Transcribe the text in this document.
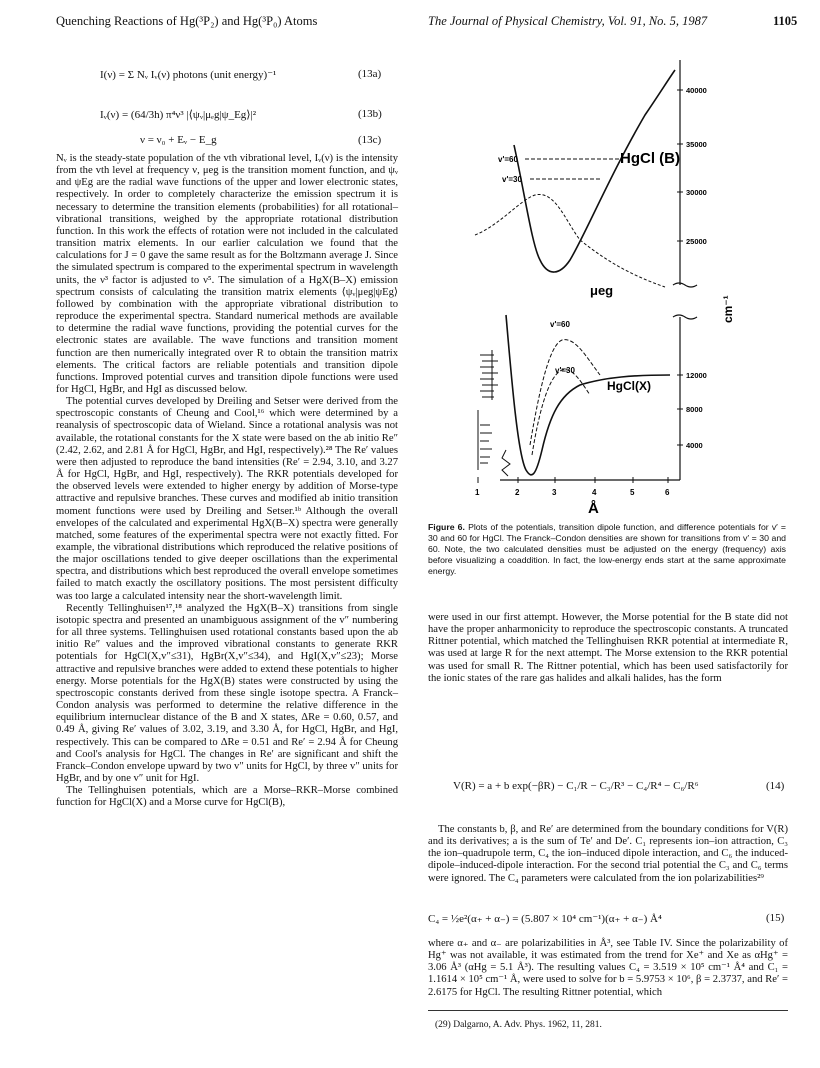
Quenching Reactions of Hg(³P₂) and Hg(³P₀) Atoms	The Journal of Physical Chemistry, Vol. 91, No. 5, 1987	1105
I(ν) = Σ Nᵥ Iᵥ(ν) photons (unit energy)⁻¹	(13a)
Iᵥ(ν) = (64/3h) π⁴ν³ |⟨ψᵥ|μₑg|ψ_Eg⟩|²	(13b)
ν = ν₀ + Eᵥ − E_g	(13c)

Nᵥ is the steady-state population of the vth vibrational level, Iᵥ(ν) is the intensity from the vth level at frequency ν, μeg is the transition moment function, and ψᵥ and ψEg are the radial wave functions of the upper and lower electronic states, respectively. In order to completely characterize the emission spectrum it is necessary to determine the transition elements (probabilities) for all rotational–vibrational transitions, weighed by the appropriate rotational distribution function. In this work the effects of rotation were not included in the calculated transition matrix elements. In our earlier calculation we found that the calculations for J = 0 gave the same result as for the Boltzmann average J. Since the simulated spectrum is compared to the experimental spectrum in wavelength units, the ν³ factor is adjusted to ν⁵. The simulation of a HgX(B–X) emission spectrum consists of calculating the transition matrix elements ⟨ψᵥ|μeg|ψEg⟩ followed by combination with the appropriate vibrational distribution to reproduce the experimental spectra. Standard numerical methods are available to determine the radial wave functions, providing the potential curves for the electronic states are available. The wave functions and transition moment function are then numerically integrated over R to obtain the transition matrix elements. The critical factors are reliable potentials and transition dipole functions. Improved potential curves and transition dipole functions were used for HgCl, HgBr, and HgI as discussed below.

The potential curves developed by Dreiling and Setser were derived from the spectroscopic constants of Cheung and Cool,¹⁶ which were determined by a reanalysis of spectroscopic data of Wieland. Since a rotational analysis was not available, the rotational constants for the X state were based on the ab initio Re″ (2.42, 2.62, and 2.81 Å for HgCl, HgBr, and HgI, respectively).²⁸ The Re′ values were then adjusted to reproduce the band intensities (Re′ = 2.94, 3.10, and 3.27 Å for HgCl, HgBr, and HgI, respectively). The RKR potentials developed for the observed levels were extended to higher energy by addition of Morse-type attractive and repulsive branches. These curves and modified ab initio transition moment functions were used by Dreiling and Setser.¹ᵇ Although the overall envelopes of the calculated and experimental HgX(B–X) spectra were generally matched, some features of the experimental spectra were not exactly fitted. For example, the vibrational distributions which reproduced the relative positions of the major oscillations tended to give deeper oscillations than the experimental spectra, and distributions which best reproduced the overall envelope sometimes failed to match exactly the oscillatory positions. The most persistent difficulty was too large a calculated intensity near the short-wavelength limit.

Recently Tellinghuisen¹⁷,¹⁸ analyzed the HgX(B–X) transitions from single isotopic spectra and presented an unambiguous assignment of the v″ numbering for all three systems. Tellinghuisen used rotational constants based upon the ab initio Re″ values and the improved vibrational constants to generate RKR potentials for HgCl(X,v″≤31), HgBr(X,v″≤34), and HgI(X,v″≤23); Morse attractive and repulsive branches were added to extend these potentials to higher energy. Morse potentials for the HgX(B) states were constructed by using the spectroscopic constants derived from these single isotope spectra. A Franck–Condon analysis was performed to determine the relative difference in the equilibrium internuclear distance of the B and X states, ΔRe = 0.60, 0.57, and 0.49 Å, giving Re′ values of 3.02, 3.19, and 3.30 Å, for HgCl, HgBr, and HgI, respectively. This can be compared to ΔRe = 0.51 and Re′ = 2.94 Å for Cheung and Cool's analysis for HgCl. The changes in Re′ are significant and shift the Franck–Condon envelope upward by two v″ units for HgCl, by three v″ units for HgBr, and by one v″ unit for HgI.

The Tellinghuisen potentials, which are a Morse–RKR–Morse combined function for HgCl(X) and a Morse curve for HgCl(B),

1	2	3	4	5	6
40000
35000
30000
25000
12000
8000
4000
HgCl (B)
HgCl(X)
μeg
v'=60
v'=30
v'=60
v'=30
Å
cm⁻¹
Figure 6. Plots of the potentials, transition dipole function, and difference potentials for v′ = 30 and 60 for HgCl. The Franck–Condon densities are shown for transitions from v′ = 30 and 60. Note, the two calculated densities must be adjusted on the energy (frequency) axis before visualizing a coaddition. In fact, the low-energy ends start at the same approximate energy.

were used in our first attempt. However, the Morse potential for the B state did not have the proper anharmonicity to reproduce the spectroscopic constants. A truncated Rittner potential, which matched the Tellinghuisen RKR potential at intermediate R, was used at large R for the next attempt. The Morse extension to the RKR potential was used for small R. The Rittner potential, which has been used satisfactorily for the ionic states of the rare gas halides and alkali halides, has the form

V(R) = a + b exp(−βR) − C₁/R − C₃/R³ − C₄/R⁴ − C₆/R⁶	(14)

The constants b, β, and Re′ are determined from the boundary conditions for V(R) and its derivatives; a is the sum of Te′ and De′. C₁ represents ion–ion attraction, C₃ the ion–quadrupole term, C₄ the ion–induced dipole interaction, and C₆ the induced-dipole–induced-dipole interaction. For the second trial potential the C₃ and C₆ terms were ignored. The C₄ parameters were calculated from the ion polarizabilities²⁹

C₄ = ½e²(α₊ + α₋) = (5.807 × 10⁴ cm⁻¹)(α₊ + α₋) Å⁴	(15)

where α₊ and α₋ are polarizabilities in Å³, see Table IV. Since the polarizability of Hg⁺ was not available, it was estimated from the trend for Xe⁺ and Xe as αHg⁺ = 3.06 Å³ (αHg = 5.1 Å³). The resulting values C₄ = 3.519 × 10⁵ cm⁻¹ Å⁴ and C₁ = 1.1614 × 10⁵ cm⁻¹ Å, were used to solve for b = 5.9753 × 10⁶, β = 2.3737, and Re′ = 2.6175 for HgCl. The resulting Rittner potential, which

(29) Dalgarno, A. Adv. Phys. 1962, 11, 281.
